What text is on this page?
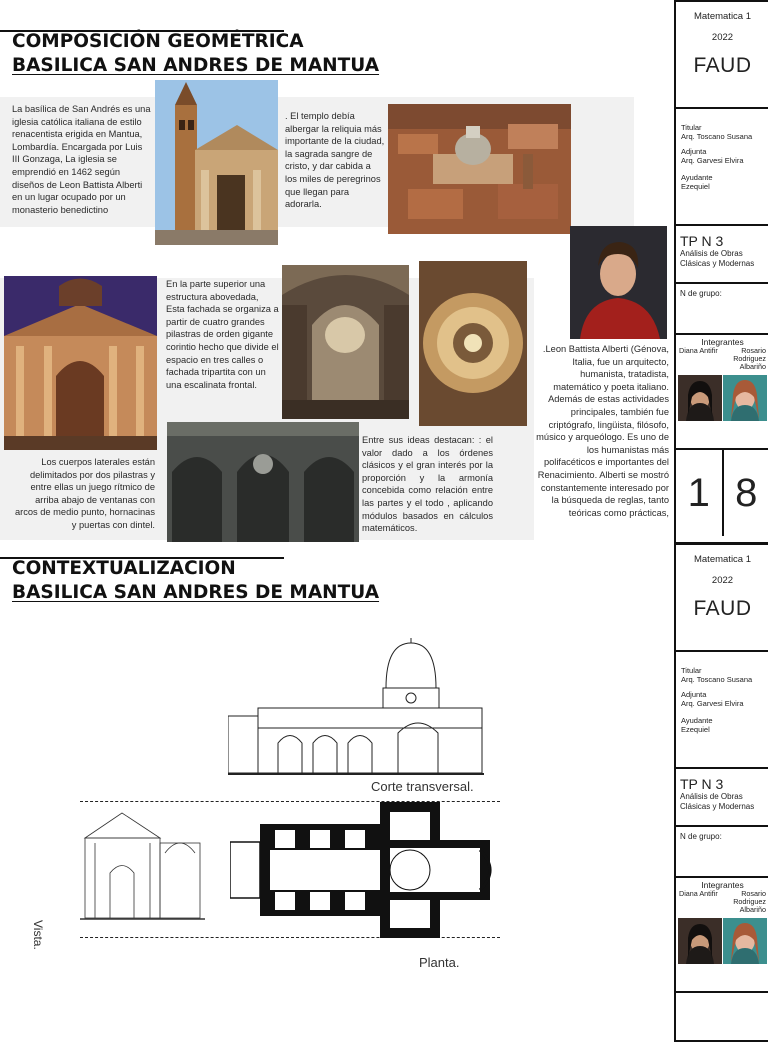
COMPOSICIÓN GEOMÉTRICA
BASILICA SAN ANDRES DE MANTUA

La basílica de San Andrés es una iglesia católica italiana de estilo renacentista erigida en Mantua, Lombardía. Encargada por Luis III Gonzaga, La iglesia se emprendió en 1462 según diseños de Leon Battista Alberti en un lugar ocupado por un monasterio benedictino

. El templo debía albergar la reliquia más importante de la ciudad, la sagrada sangre de cristo, y dar cabida a los miles de peregrinos que llegan para adorarla.

En la parte superior una estructura abovedada, Esta fachada se organiza a partir de cuatro grandes pilastras de orden gigante corintio hecho que divide el espacio en tres calles o fachada tripartita con un una escalinata frontal.

Los cuerpos laterales están delimitados por dos pilastras y entre ellas un juego rítmico de arriba abajo de ventanas con arcos de medio punto, hornacinas y puertas con dintel.

Entre sus ideas destacan: : el valor dado a los órdenes clásicos y el gran interés por la proporción y la armonía concebida como relación entre las partes y el todo , aplicando módulos basados en cálculos matemáticos.

.Leon Battista Alberti (Génova, Italia, fue un arquitecto, humanista, tratadista, matemático y poeta italiano. Además de estas actividades principales, también fue criptógrafo, lingüista, filósofo, músico y arqueólogo. Es uno de los humanistas más polifacéticos e importantes del Renacimiento. Alberti se mostró constantemente interesado por la búsqueda de reglas, tanto teóricas como prácticas,

CONTEXTUALIZACION
BASILICA SAN ANDRES DE MANTUA
Corte transversal.
Vista.
Planta.
Matematica 1
2022
FAUD
Titular
Arq. Toscano Susana
Adjunta
Arq. Garvesi Elvira
Ayudante
Ezequiel
TP N 3
Análisis de Obras Clásicas y Modernas
N de grupo:
Integrantes
Diana Antifir	Rosario Rodriguez Albariño
1 8
Matematica 1
2022
FAUD
Titular
Arq. Toscano Susana
Adjunta
Arq. Garvesi Elvira
Ayudante
Ezequiel
TP N 3
Análisis de Obras Clásicas y Modernas
N de grupo:
Integrantes
Diana Antifir	Rosario Rodriguez Albariño
